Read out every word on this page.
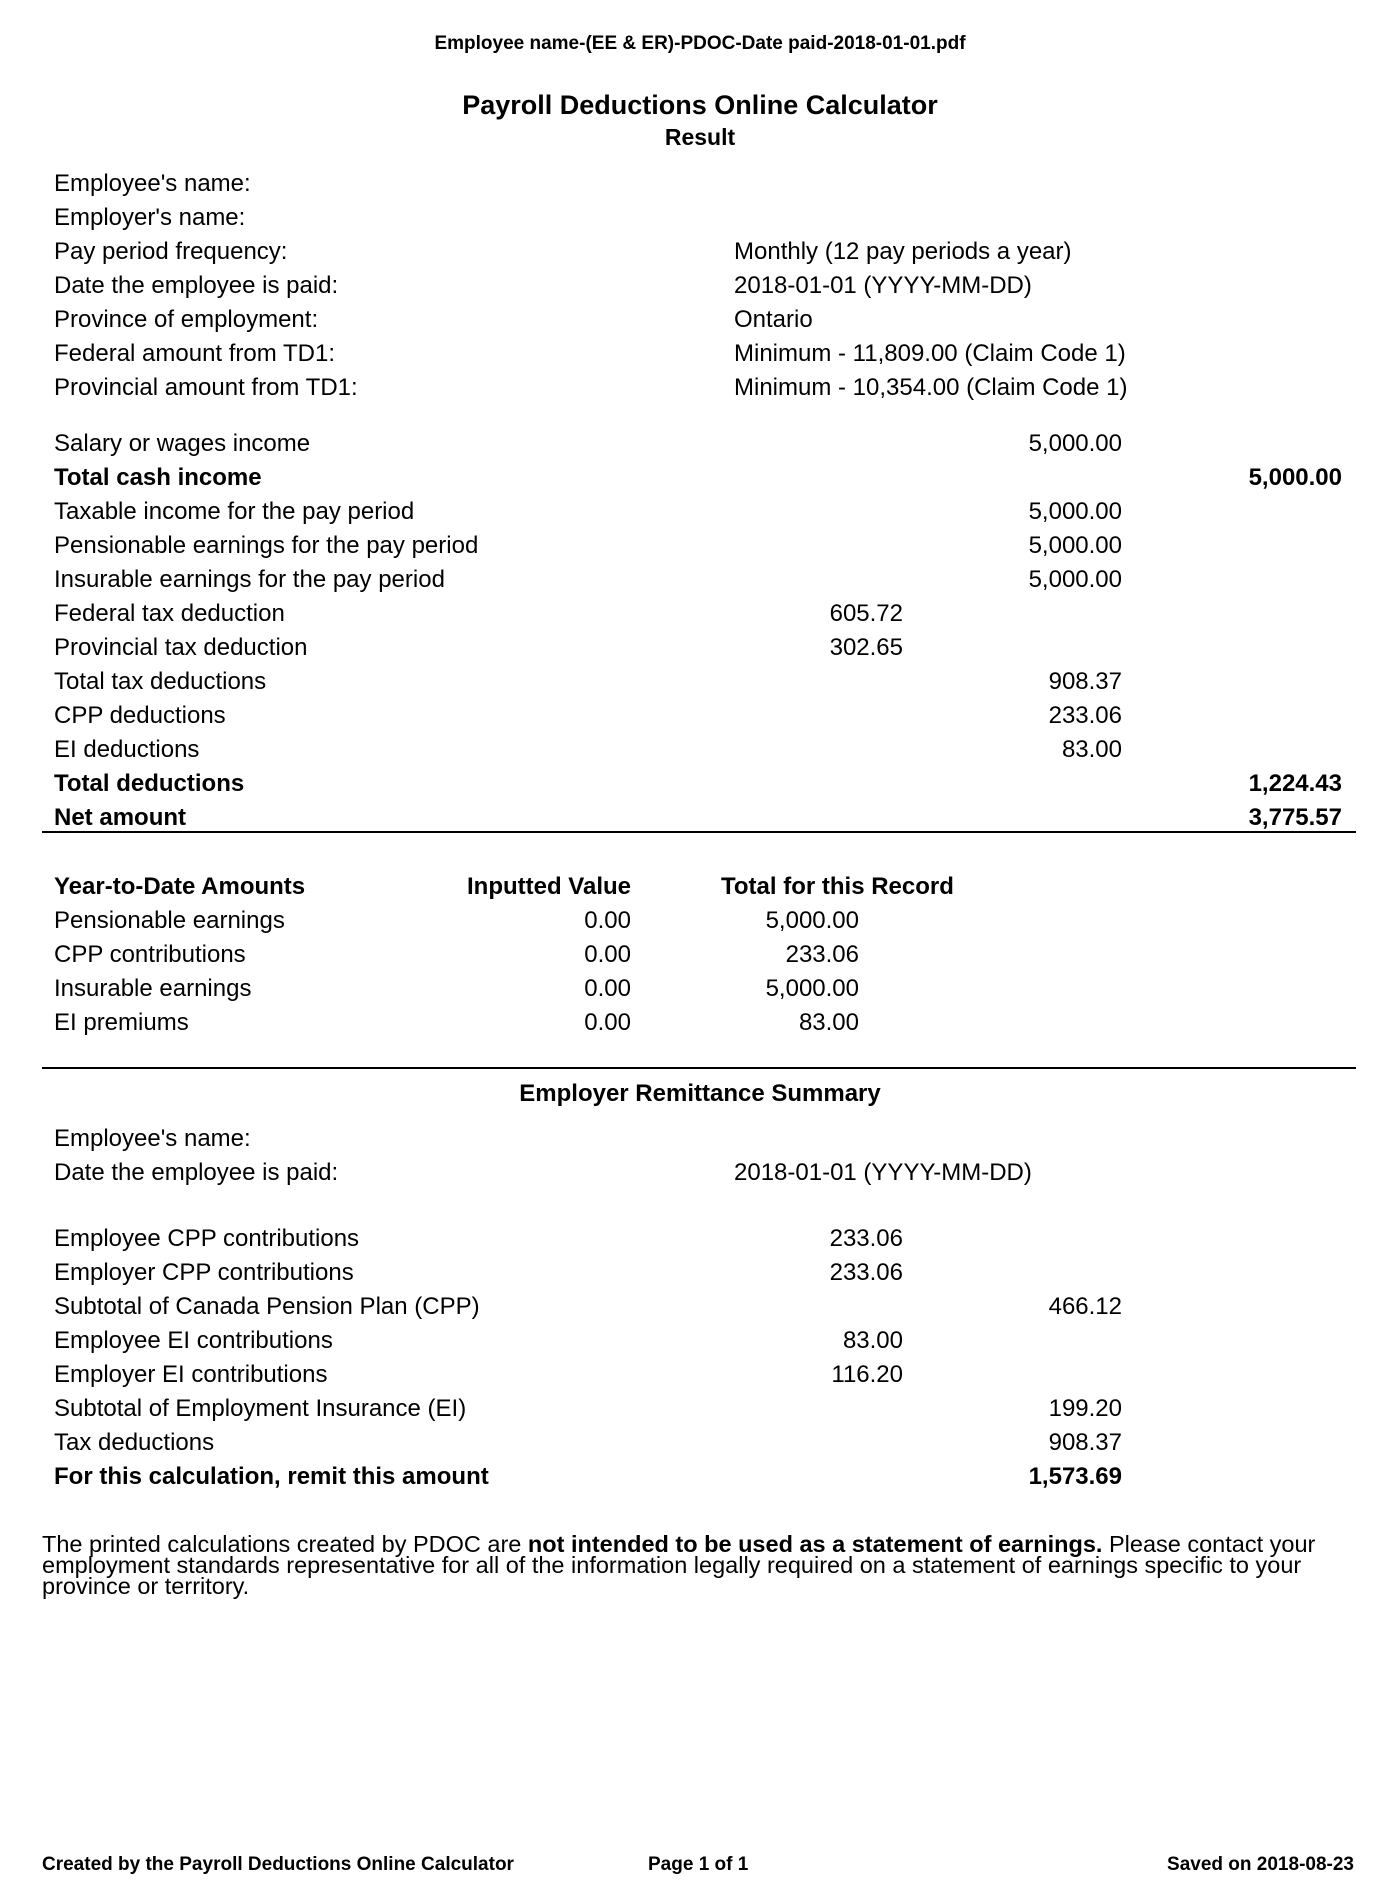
Employee name-(EE & ER)-PDOC-Date paid-2018-01-01.pdf
Payroll Deductions Online Calculator
Result
Employee's name:
Employer's name:
Pay period frequency:	Monthly (12 pay periods a year)
Date the employee is paid:	2018-01-01 (YYYY-MM-DD)
Province of employment:	Ontario
Federal amount from TD1:	Minimum - 11,809.00 (Claim Code 1)
Provincial amount from TD1:	Minimum - 10,354.00 (Claim Code 1)
Salary or wages income	5,000.00
Total cash income	5,000.00
Taxable income for the pay period	5,000.00
Pensionable earnings for the pay period	5,000.00
Insurable earnings for the pay period	5,000.00
Federal tax deduction	605.72
Provincial tax deduction	302.65
Total tax deductions	908.37
CPP deductions	233.06
EI deductions	83.00
Total deductions	1,224.43
Net amount	3,775.57
Year-to-Date Amounts	Inputted Value	Total for this Record
Pensionable earnings	0.00	5,000.00
CPP contributions	0.00	233.06
Insurable earnings	0.00	5,000.00
EI premiums	0.00	83.00
Employer Remittance Summary
Employee's name:
Date the employee is paid:	2018-01-01 (YYYY-MM-DD)
Employee CPP contributions	233.06
Employer CPP contributions	233.06
Subtotal of Canada Pension Plan (CPP)	466.12
Employee EI contributions	83.00
Employer EI contributions	116.20
Subtotal of Employment Insurance (EI)	199.20
Tax deductions	908.37
For this calculation, remit this amount	1,573.69
The printed calculations created by PDOC are not intended to be used as a statement of earnings. Please contact your employment standards representative for all of the information legally required on a statement of earnings specific to your province or territory.
Created by the Payroll Deductions Online Calculator	Page 1 of 1	Saved on 2018-08-23
